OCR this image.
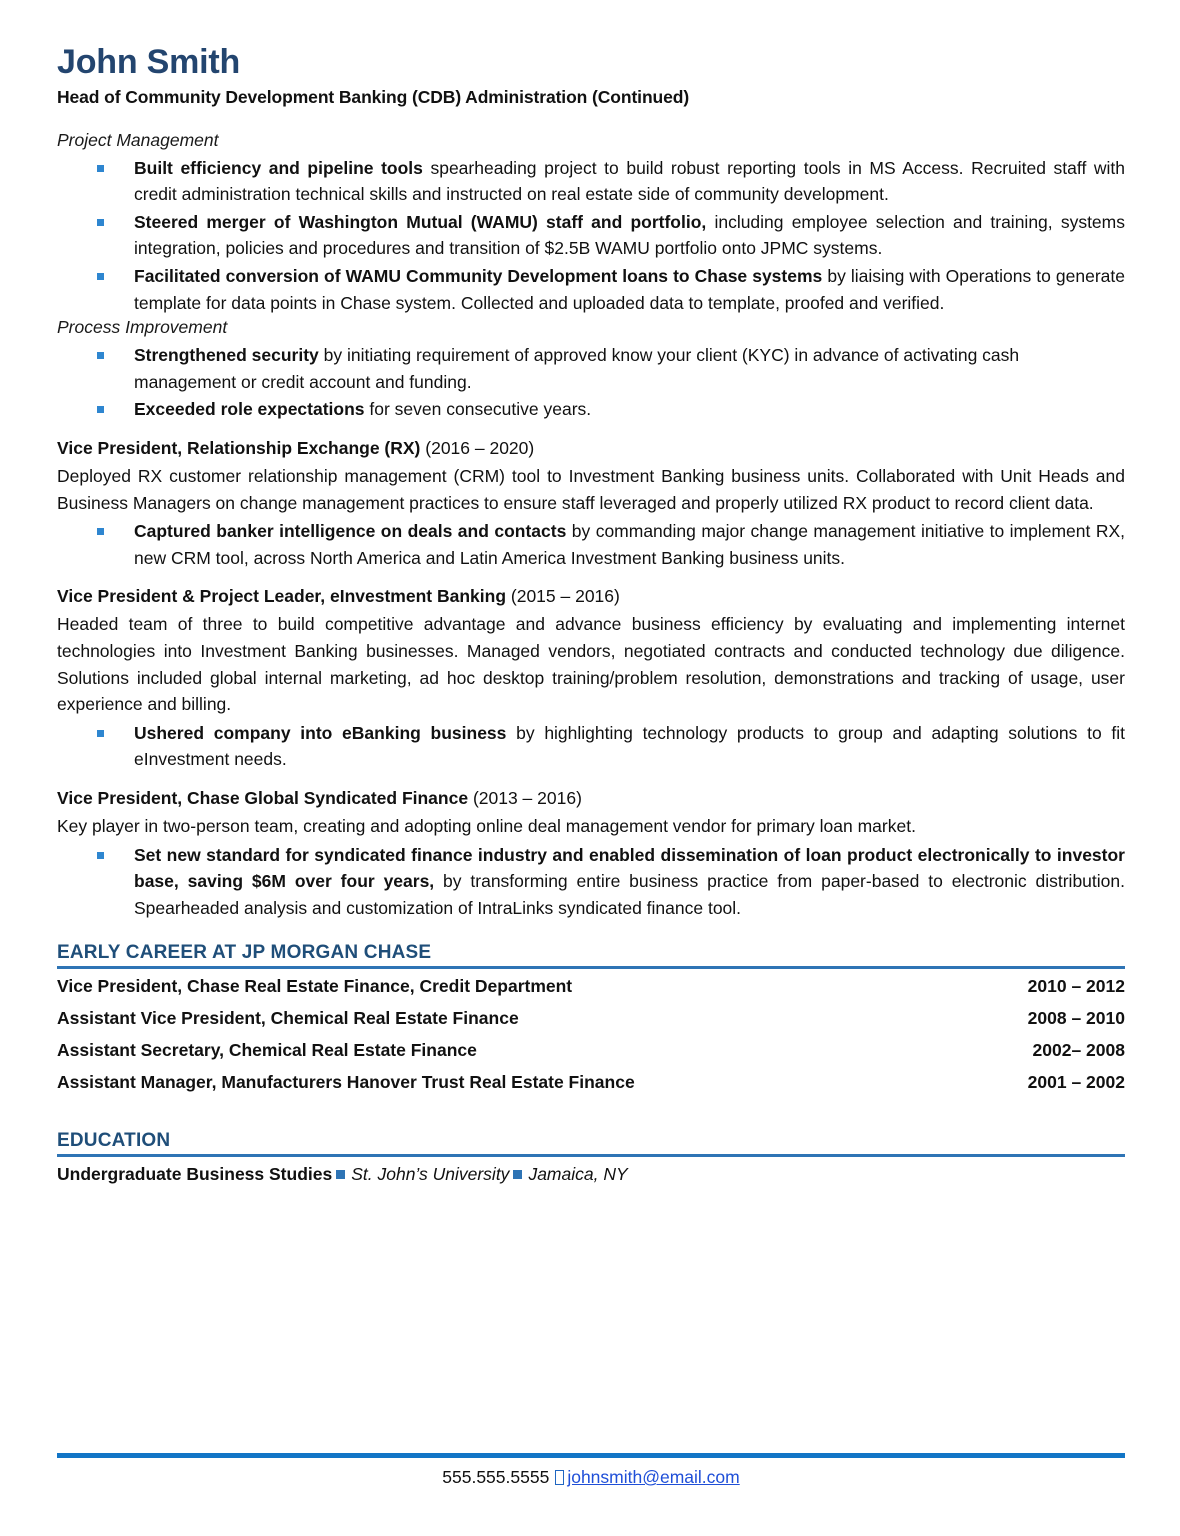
John Smith
Head of Community Development Banking (CDB) Administration (Continued)
Project Management
Built efficiency and pipeline tools spearheading project to build robust reporting tools in MS Access. Recruited staff with credit administration technical skills and instructed on real estate side of community development.
Steered merger of Washington Mutual (WAMU) staff and portfolio, including employee selection and training, systems integration, policies and procedures and transition of $2.5B WAMU portfolio onto JPMC systems.
Facilitated conversion of WAMU Community Development loans to Chase systems by liaising with Operations to generate template for data points in Chase system. Collected and uploaded data to template, proofed and verified.
Process Improvement
Strengthened security by initiating requirement of approved know your client (KYC) in advance of activating cash management or credit account and funding.
Exceeded role expectations for seven consecutive years.
Vice President, Relationship Exchange (RX) (2016 – 2020)
Deployed RX customer relationship management (CRM) tool to Investment Banking business units. Collaborated with Unit Heads and Business Managers on change management practices to ensure staff leveraged and properly utilized RX product to record client data.
Captured banker intelligence on deals and contacts by commanding major change management initiative to implement RX, new CRM tool, across North America and Latin America Investment Banking business units.
Vice President & Project Leader, eInvestment Banking (2015 – 2016)
Headed team of three to build competitive advantage and advance business efficiency by evaluating and implementing internet technologies into Investment Banking businesses. Managed vendors, negotiated contracts and conducted technology due diligence. Solutions included global internal marketing, ad hoc desktop training/problem resolution, demonstrations and tracking of usage, user experience and billing.
Ushered company into eBanking business by highlighting technology products to group and adapting solutions to fit eInvestment needs.
Vice President, Chase Global Syndicated Finance (2013 – 2016)
Key player in two-person team, creating and adopting online deal management vendor for primary loan market.
Set new standard for syndicated finance industry and enabled dissemination of loan product electronically to investor base, saving $6M over four years, by transforming entire business practice from paper-based to electronic distribution. Spearheaded analysis and customization of IntraLinks syndicated finance tool.
EARLY CAREER AT JP MORGAN CHASE
Vice President, Chase Real Estate Finance, Credit Department	2010 – 2012
Assistant Vice President, Chemical Real Estate Finance	2008 – 2010
Assistant Secretary, Chemical Real Estate Finance	2002– 2008
Assistant Manager, Manufacturers Hanover Trust Real Estate Finance	2001 – 2002
EDUCATION
Undergraduate Business Studies St. John’s University Jamaica, NY
555.555.5555 johnsmith@email.com
